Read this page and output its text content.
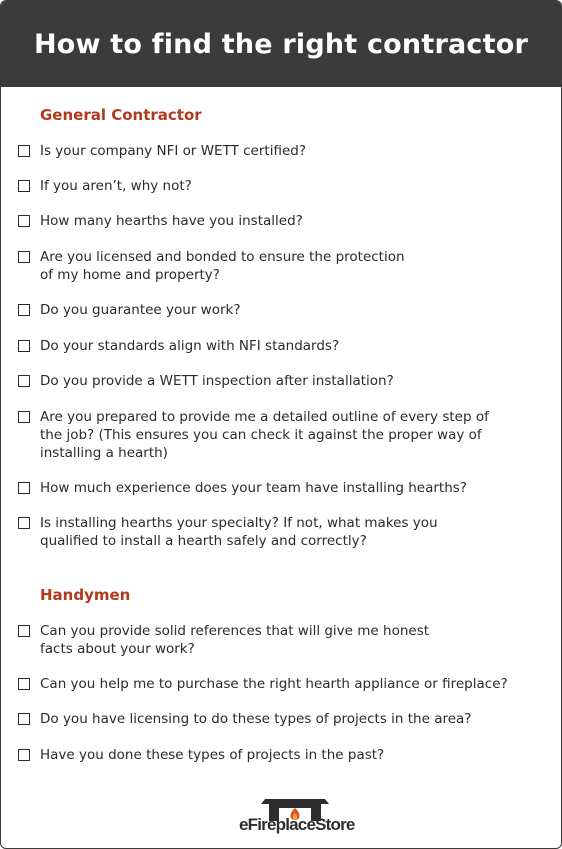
How to find the right contractor
General Contractor
Is your company NFI or WETT certified?
If you aren’t, why not?
How many hearths have you installed?
Are you licensed and bonded to ensure the protection
of my home and property?
Do you guarantee your work?
Do your standards align with NFI standards?
Do you provide a WETT inspection after installation?
Are you prepared to provide me a detailed outline of every step of
the job? (This ensures you can check it against the proper way of
installing a hearth)
How much experience does your team have installing hearths?
Is installing hearths your specialty? If not, what makes you
qualified to install a hearth safely and correctly?
Handymen
Can you provide solid references that will give me honest
facts about your work?
Can you help me to purchase the right hearth appliance or fireplace?
Do you have licensing to do these types of projects in the area?
Have you done these types of projects in the past?
eFireplaceStore
